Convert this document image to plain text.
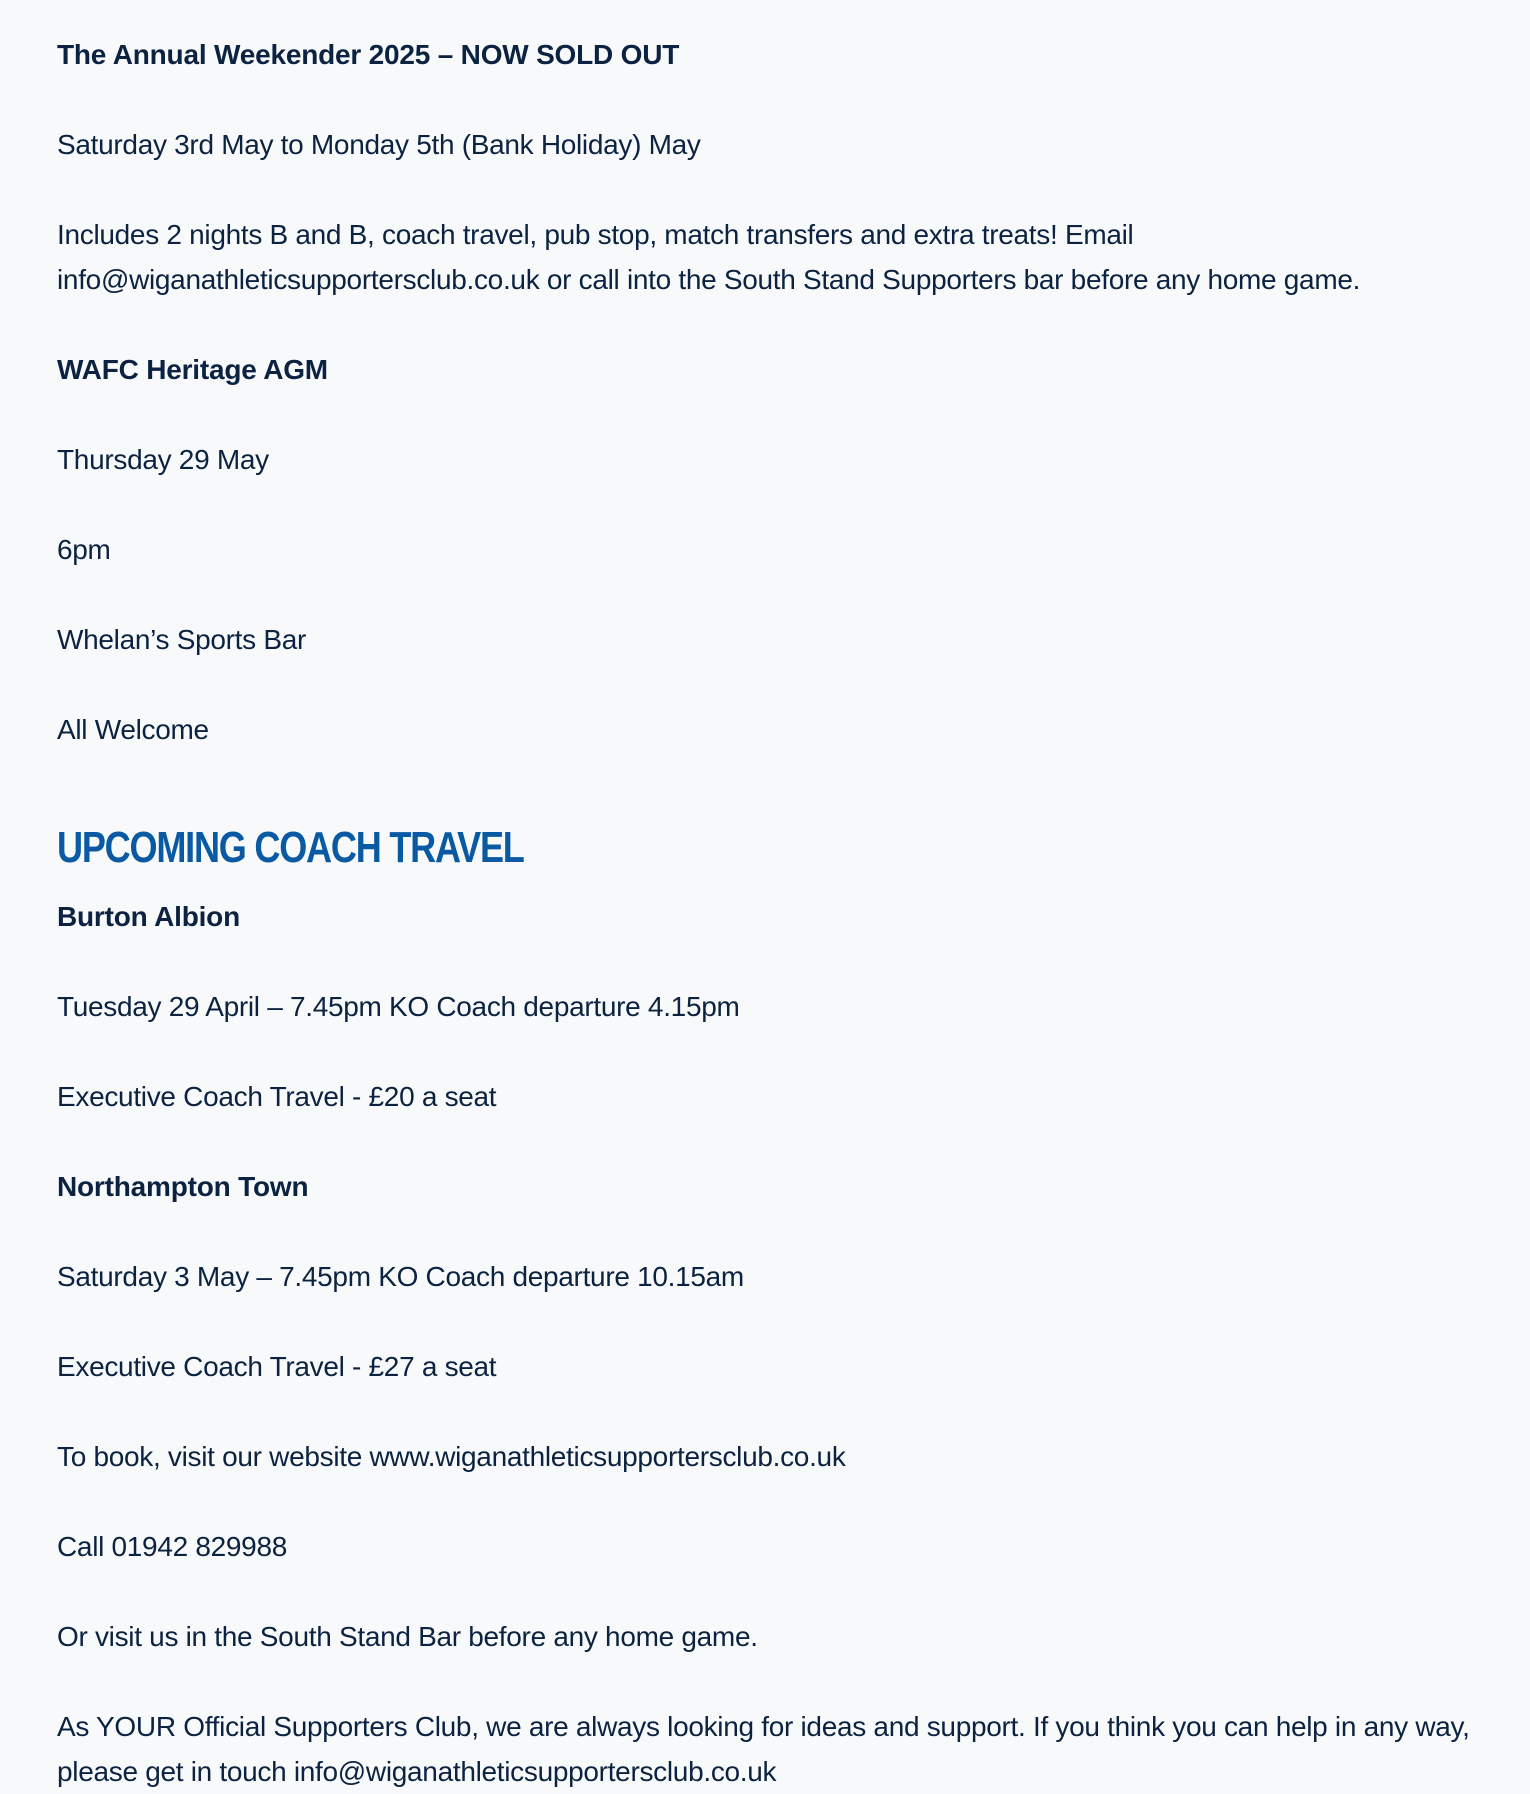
The Annual Weekender 2025 – NOW SOLD OUT

Saturday 3rd May to Monday 5th (Bank Holiday) May

Includes 2 nights B and B, coach travel, pub stop, match transfers and extra treats! Email

info@wiganathleticsupportersclub.co.uk or call into the South Stand Supporters bar before any home game.

WAFC Heritage AGM

Thursday 29 May

6pm

Whelan’s Sports Bar

All Welcome

UPCOMING COACH TRAVEL

Burton Albion

Tuesday 29 April – 7.45pm KO Coach departure 4.15pm

Executive Coach Travel - £20 a seat

Northampton Town

Saturday 3 May – 7.45pm KO Coach departure 10.15am

Executive Coach Travel - £27 a seat

To book, visit our website www.wiganathleticsupportersclub.co.uk

Call 01942 829988

Or visit us in the South Stand Bar before any home game.

As YOUR Official Supporters Club, we are always looking for ideas and support. If you think you can help in any way,

please get in touch info@wiganathleticsupportersclub.co.uk
